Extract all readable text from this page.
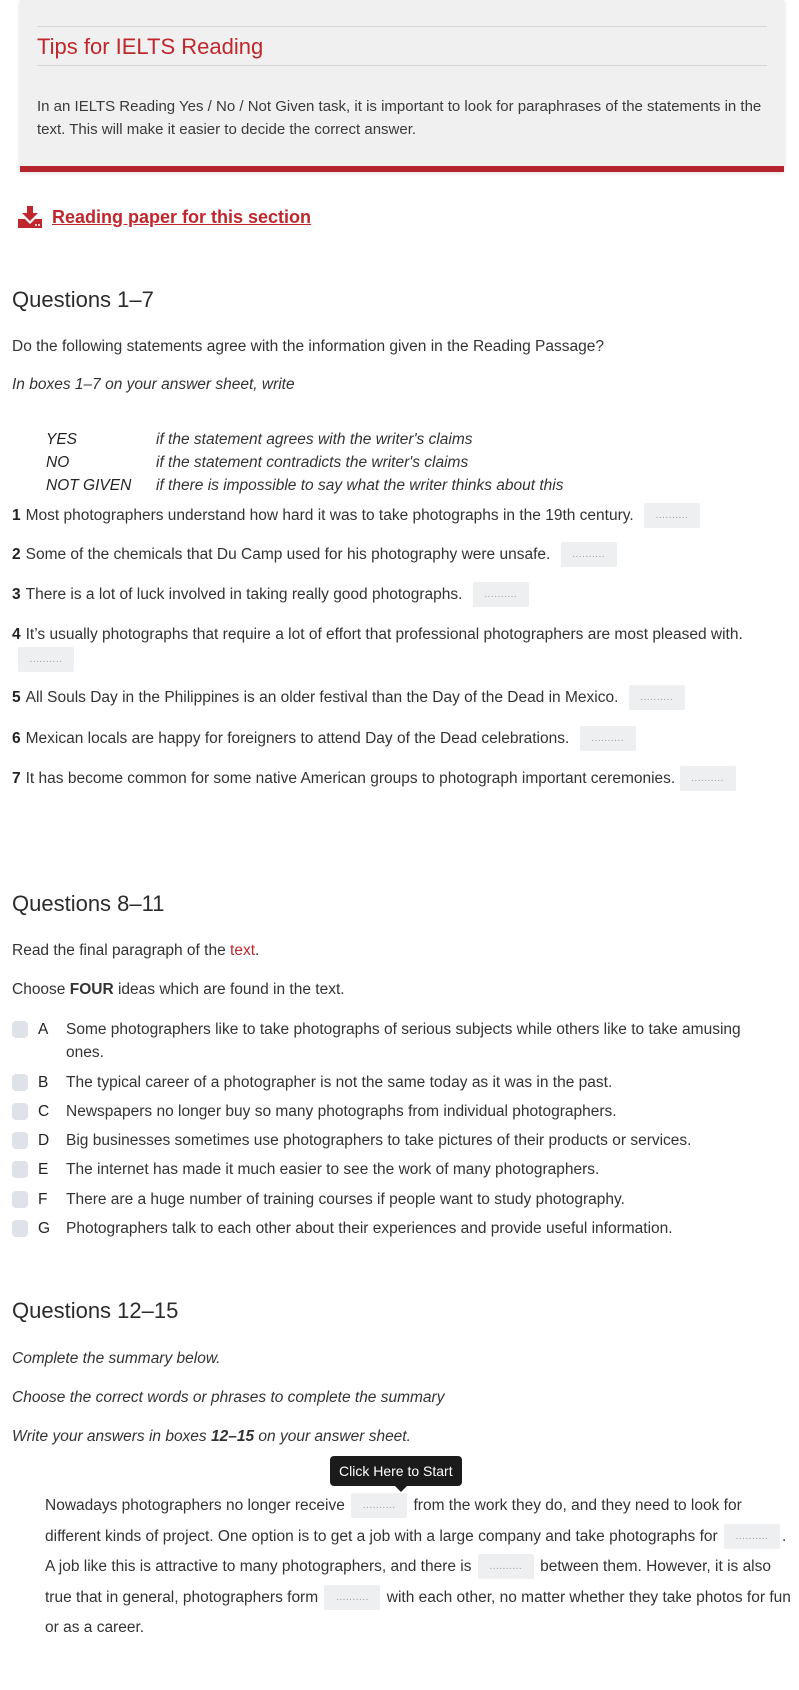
Tips for IELTS Reading

In an IELTS Reading Yes / No / Not Given task, it is important to look for paraphrases of the statements in the text. This will make it easier to decide the correct answer.

Reading paper for this section
Questions 1–7

Do the following statements agree with the information given in the Reading Passage?

In boxes 1–7 on your answer sheet, write

YES	if the statement agrees with the writer's claims
NO	if the statement contradicts the writer's claims
NOT GIVEN	if there is impossible to say what the writer thinks about this
1 Most photographers understand how hard it was to take photographs in the 19th century. ..........
2 Some of the chemicals that Du Camp used for his photography were unsafe. ..........
3 There is a lot of luck involved in taking really good photographs. ..........
4 It’s usually photographs that require a lot of effort that professional photographers are most pleased with. ..........
5 All Souls Day in the Philippines is an older festival than the Day of the Dead in Mexico. ..........
6 Mexican locals are happy for foreigners to attend Day of the Dead celebrations. ..........
7 It has become common for some native American groups to photograph important ceremonies. ..........
Questions 8–11

Read the final paragraph of the text.

Choose FOUR ideas which are found in the text.

A	Some photographers like to take photographs of serious subjects while others like to take amusing ones.
B	The typical career of a photographer is not the same today as it was in the past.
C	Newspapers no longer buy so many photographs from individual photographers.
D	Big businesses sometimes use photographers to take pictures of their products or services.
E	The internet has made it much easier to see the work of many photographers.
F	There are a huge number of training courses if people want to study photography.
G	Photographers talk to each other about their experiences and provide useful information.
Questions 12–15

Complete the summary below.

Choose the correct words or phrases to complete the summary

Write your answers in boxes 12–15 on your answer sheet.

Nowadays photographers no longer receive .......... from the work they do, and they need to look for different kinds of project. One option is to get a job with a large company and take photographs for .......... . A job like this is attractive to many photographers, and there is .......... between them. However, it is also true that in general, photographers form .......... with each other, no matter whether they take photos for fun or as a career.
Click Here to Start
